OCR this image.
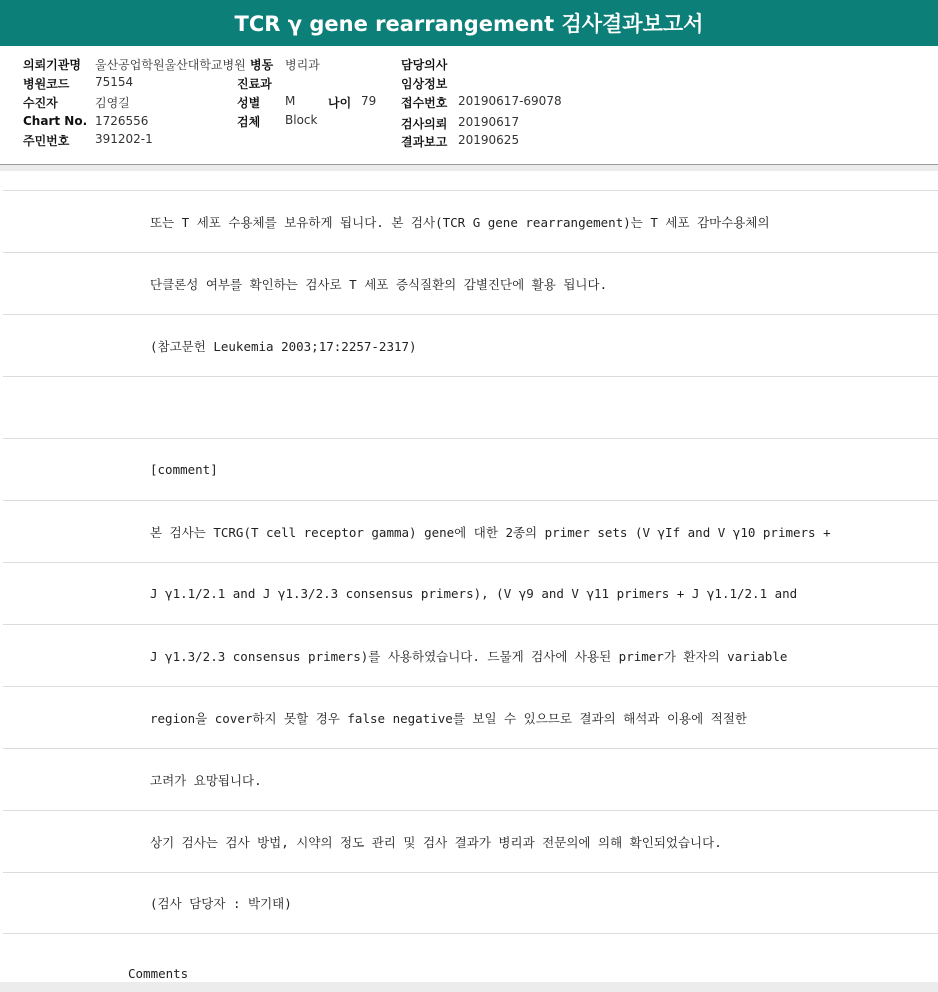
TCR γ gene rearrangement 검사결과보고서
의뢰기관명 울산공업학원울산대학교병원
병원코드 75154
수진자	김영길
Chart No. 1726556
주민번호 391202-1
병동 병리과
진료과
성별 M	나이 79
검체 Block
담당의사
임상정보
접수번호 20190617-69078
검사의뢰 20190617
결과보고 20190625
또는 T 세포 수용체를 보유하게 됩니다. 본 검사(TCR G gene rearrangement)는 T 세포 감마수용체의
단클론성 여부를 확인하는 검사로 T 세포 증식질환의 감별진단에 활용 됩니다.
(참고문헌 Leukemia 2003;17:2257-2317)
[comment]
본 검사는 TCRG(T cell receptor gamma) gene에 대한 2종의 primer sets (V γIf and V γ10 primers +
J γ1.1/2.1 and J γ1.3/2.3 consensus primers), (V γ9 and V γ11 primers + J γ1.1/2.1 and
J γ1.3/2.3 consensus primers)를 사용하였습니다. 드물게 검사에 사용된 primer가 환자의 variable
region을 cover하지 못할 경우 false negative를 보일 수 있으므로 결과의 해석과 이용에 적절한
고려가 요망됩니다.
상기 검사는 검사 방법, 시약의 정도 관리 및 검사 결과가 병리과 전문의에 의해 확인되었습니다.
(검사 담당자 : 박기태)
Comments
